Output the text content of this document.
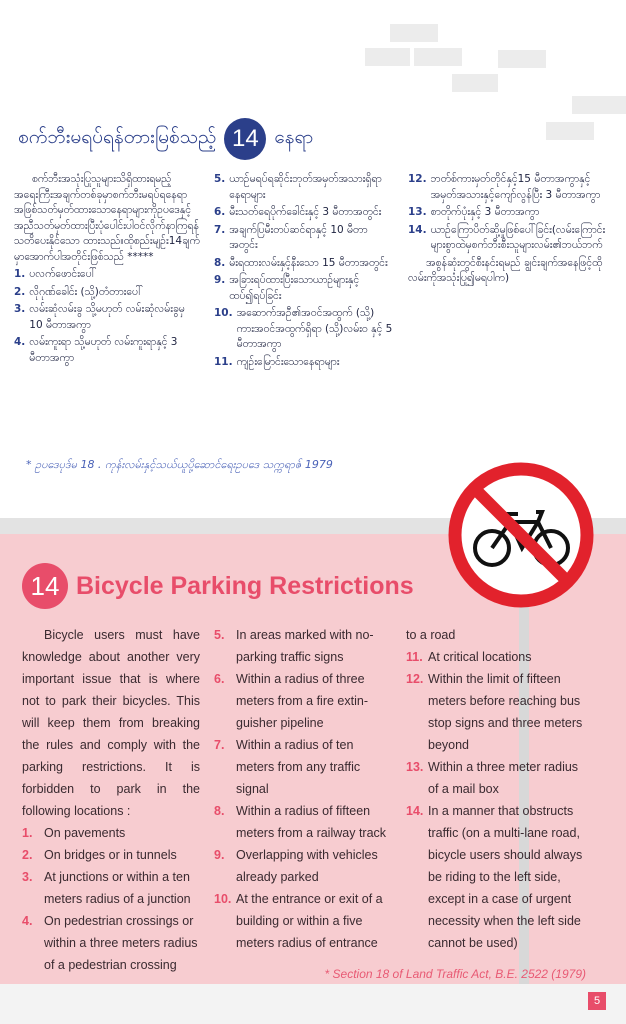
စက်ဘီးမရပ်ရန်တားမြစ်သည့် 14 နေရာ

စက်ဘီးအသုံးပြုသူများသိရှိထားရမည့်အရေးကြီးအချက်တစ်ခုမှာစက်ဘီးမရပ်ရနေရာအဖြစ်သတ်မှတ်ထားသောနေရာများကိုဥပဒေနှင့်အညီသတ်မှတ်ထားပြီးပုံပေါင်းပါဝင်လိုက်နာကြရန်သတိပေးနိုင်သော ထားသည်။ထိုစည်းမျဉ်း14ချက်မှာအောက်ပါအတိုင်းဖြစ်သည် *****

1. ပလက်ဖောင်းပေါ်
2. လိုဂုဏ်ခေါင်း (သို့)တံတားပေါ်
3. လမ်းဆုံလမ်းခွ သို့မဟုတ် လမ်းဆုံလမ်းခွမှ 10 မီတာအကွာ
4. လမ်းကူးရာ သို့မဟုတ် လမ်းကူးရာနှင့် 3 မီတာအကွာ
5. ယာဉ်မရပ်ရဆိုင်းဘုတ်အမှတ်အသားရှိရာနေရာများ
6. မီးသတ်ရေပိုက်ခေါင်းနှင့် 3 မီတာအတွင်း
7. အချက်ပြမီးတပ်ဆင်ရာနှင့် 10 မီတာအတွင်း
8. မီးရထားလမ်းနှင့်နီးသော 15 မီတာအတွင်း
9. အခြားရပ်ထားပြီးသောယာဉ်များနှင့်ထပ်၍ရပ်ခြင်း
10. အဆောက်အဦ၏အဝင်အထွက် (သို့) ကားအဝင်အထွက်ရှိရာ (သို့)လမ်းဝ နှင့် 5 မီတာအကွာ
11. ကျဉ်းမြောင်းသောနေရာများ
12. ဘတ်စ်ကားမှတ်တိုင်နှင့်15 မီတာအကွာနှင့်အမှတ်အသားနှင့်ကျော်လွန်ပြီး 3 မီတာအကွာ
13. စာတိုက်ပုံးနှင့် 3 မီတာအကွာ
14. ယာဉ်ကြောပိတ်ဆို့မှုဖြစ်ပေါ်ခြင်း(လမ်းကြောင်းများစွာထဲမှစက်ဘီးစီးသူများလမ်း၏ဘယ်ဘက်

အစွန်ဆုံးတွင်စီးနင်းရမည် ချွင်းချက်အနေဖြင့်ထိုလမ်းကိုအသုံးပြု၍မရပါက)

* ဥပဒေပုဒ်မ 18 . ကုန်းလမ်းနှင့်သယ်ယူပို့ဆောင်ရေးဥပဒေ သက္ကရာဇ် 1979
14 Bicycle Parking Restrictions

Bicycle users must have knowledge about another very important issue that is where not to park their bicycles. This will keep them from breaking the rules and comply with the parking restrictions. It is forbidden to park in the following locations :

1. On pavements
2. On bridges or in tunnels
3. At junctions or within a ten meters radius of a junction
4. On pedestrian crossings or within a three meters radius of a pedestrian crossing
5. In areas marked with no-parking traffic signs
6. Within a radius of three meters from a fire extin-guisher pipeline
7. Within a radius of ten meters from any traffic signal
8. Within a radius of fifteen meters from a railway track
9. Overlapping with vehicles already parked
10. At the entrance or exit of a building or within a five meters radius of entrance
to a road
11. At critical locations
12. Within the limit of fifteen meters before reaching bus stop signs and three meters beyond
13. Within a three meter radius of a mail box
14. In a manner that obstructs traffic (on a multi-lane road, bicycle users should always be riding to the left side, except in a case of urgent necessity when the left side cannot be used)
* Section 18 of Land Traffic Act, B.E. 2522 (1979)
5
